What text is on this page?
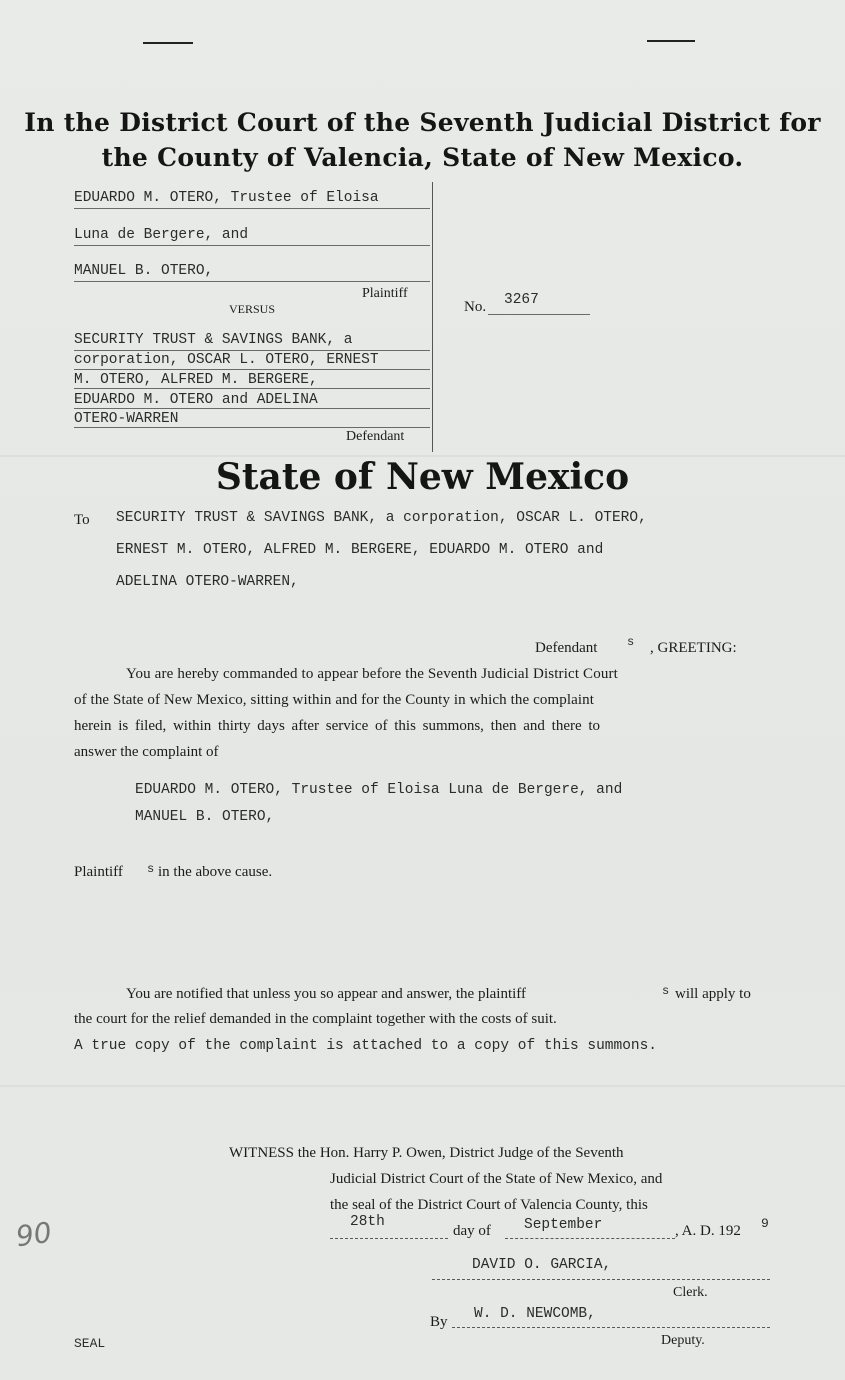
In the District Court of the Seventh Judicial District for
the County of Valencia, State of New Mexico.
EDUARDO M. OTERO, Trustee of Eloisa
Luna de Bergere, and
MANUEL B. OTERO,
Plaintiff
VERSUS
SECURITY TRUST & SAVINGS BANK, a
corporation, OSCAR L. OTERO, ERNEST
M. OTERO, ALFRED M. BERGERE,
EDUARDO M. OTERO and ADELINA
OTERO-WARREN
Defendant
No. 3267
State of New Mexico
To SECURITY TRUST & SAVINGS BANK, a corporation, OSCAR L. OTERO,
ERNEST M. OTERO, ALFRED M. BERGERE, EDUARDO M. OTERO and
ADELINA OTERO-WARREN,
Defendant s , GREETING:
You are hereby commanded to appear before the Seventh Judicial District Court
of the State of New Mexico, sitting within and for the County in which the complaint
herein is filed, within thirty days after service of this summons, then and there to
answer the complaint of
EDUARDO M. OTERO, Trustee of Eloisa Luna de Bergere, and
MANUEL B. OTERO,
Plaintiff s in the above cause.
You are notified that unless you so appear and answer, the plaintiff	s will apply to
the court for the relief demanded in the complaint together with the costs of suit.
A true copy of the complaint is attached to a copy of this summons.
WITNESS the Hon. Harry P. Owen, District Judge of the Seventh
Judicial District Court of the State of New Mexico, and
the seal of the District Court of Valencia County, this
28th
day of September	, A. D. 192 9
DAVID O. GARCIA,
Clerk.
By W. D. NEWCOMB,
Deputy.
SEAL
90
